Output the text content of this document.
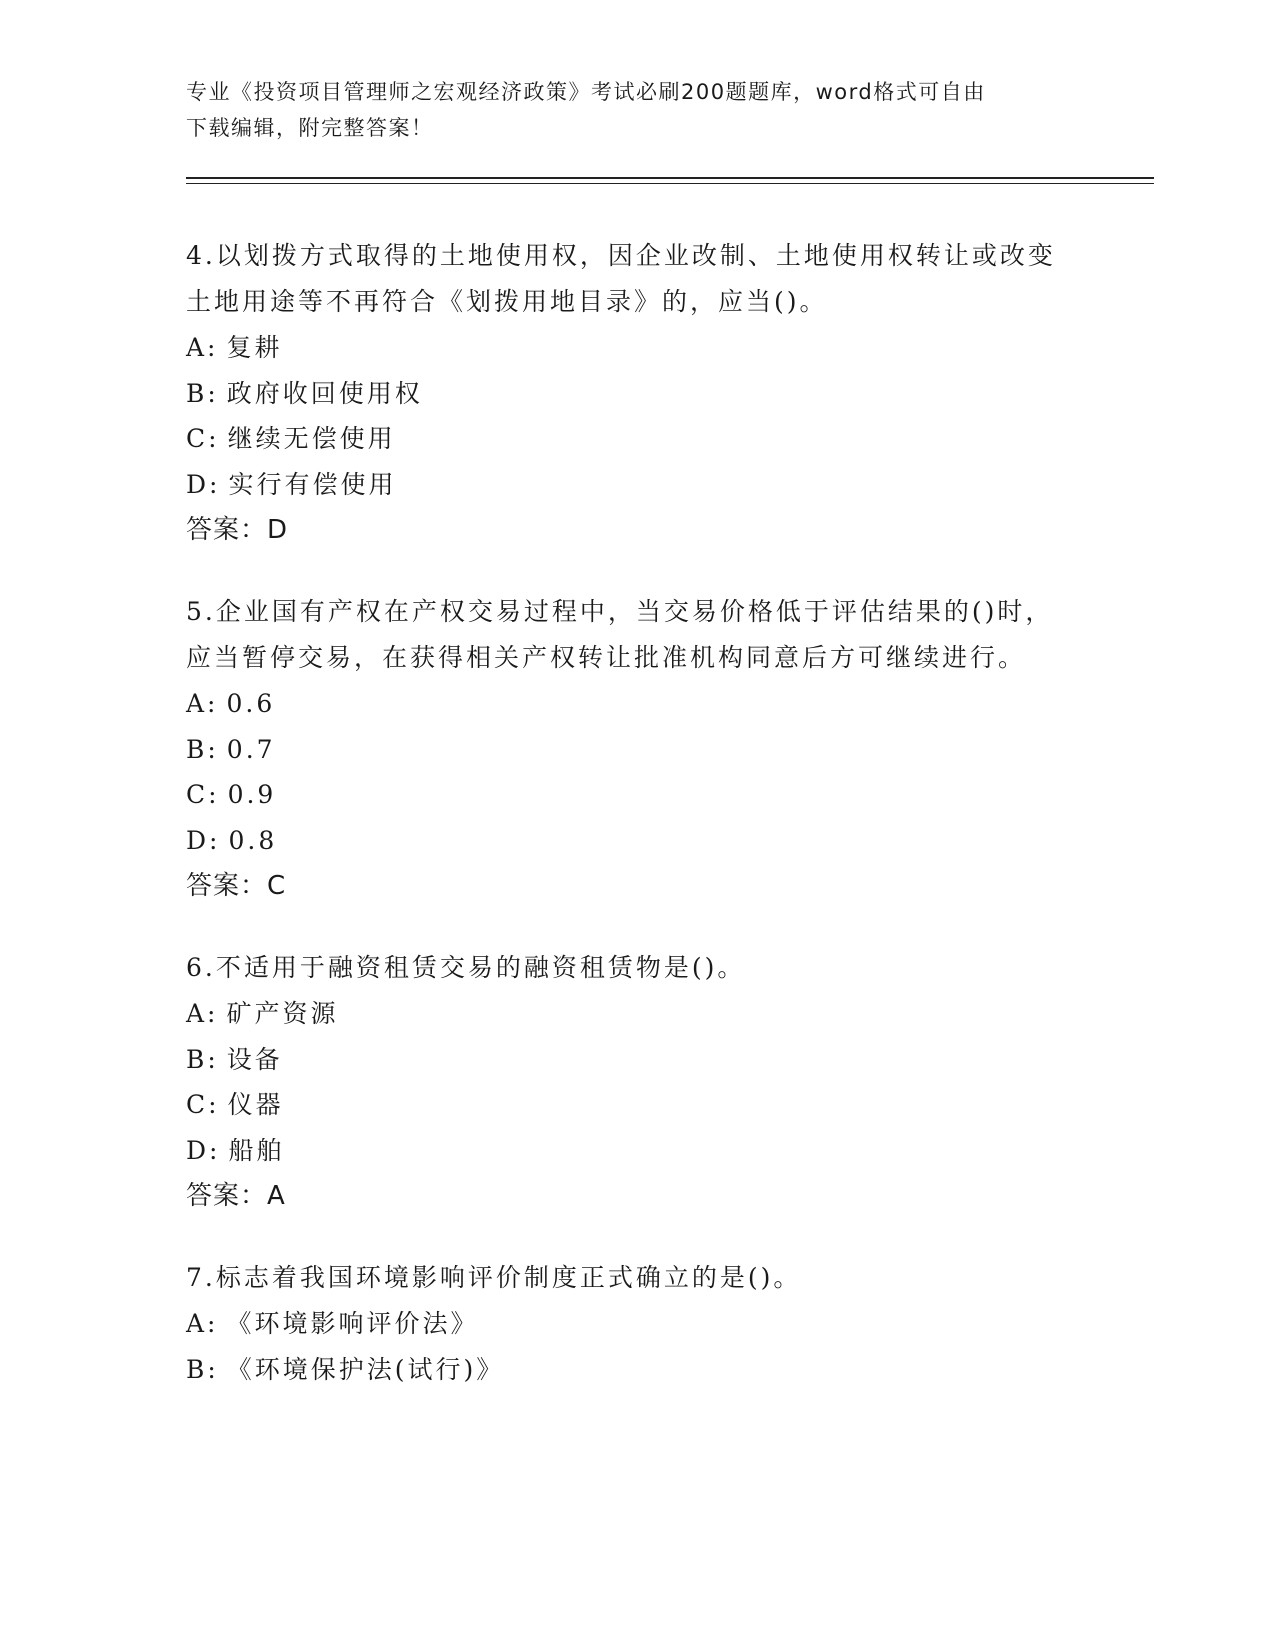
专业《投资项目管理师之宏观经济政策》考试必刷200题题库，word格式可自由
下载编辑，附完整答案！
4.以划拨方式取得的土地使用权，因企业改制、土地使用权转让或改变土地用途等不再符合《划拨用地目录》的，应当()。
A: 复耕
B: 政府收回使用权
C: 继续无偿使用
D: 实行有偿使用
答案：D
5.企业国有产权在产权交易过程中，当交易价格低于评估结果的()时，应当暂停交易，在获得相关产权转让批准机构同意后方可继续进行。
A: 0.6
B: 0.7
C: 0.9
D: 0.8
答案：C
6.不适用于融资租赁交易的融资租赁物是()。
A: 矿产资源
B: 设备
C: 仪器
D: 船舶
答案：A
7.标志着我国环境影响评价制度正式确立的是()。
A: 《环境影响评价法》
B: 《环境保护法(试行)》
